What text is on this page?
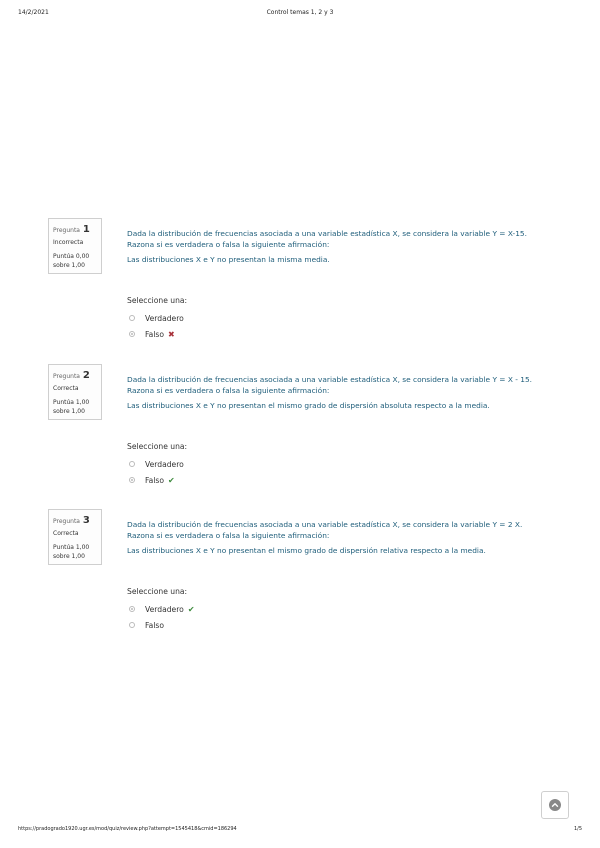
14/2/2021	Control temas 1, 2 y 3
Pregunta 1
Incorrecta
Puntúa 0,00
sobre 1,00

Dada la distribución de frecuencias asociada a una variable estadística X, se considera la variable Y = X-15. Razona si es verdadera o falsa la siguiente afirmación:

Las distribuciones X e Y no presentan la misma media.

Seleccione una:
Verdadero
Falso ✖
Pregunta 2
Correcta
Puntúa 1,00
sobre 1,00

Dada la distribución de frecuencias asociada a una variable estadística X, se considera la variable Y = X - 15. Razona si es verdadera o falsa la siguiente afirmación:

Las distribuciones X e Y no presentan el mismo grado de dispersión absoluta respecto a la media.

Seleccione una:
Verdadero
Falso ✔
Pregunta 3
Correcta
Puntúa 1,00
sobre 1,00

Dada la distribución de frecuencias asociada a una variable estadística X, se considera la variable Y = 2 X. Razona si es verdadera o falsa la siguiente afirmación:

Las distribuciones X e Y no presentan el mismo grado de dispersión relativa respecto a la media.

Seleccione una:
Verdadero ✔
Falso
https://pradogrado1920.ugr.es/mod/quiz/review.php?attempt=1545418&cmid=186294	1/5
